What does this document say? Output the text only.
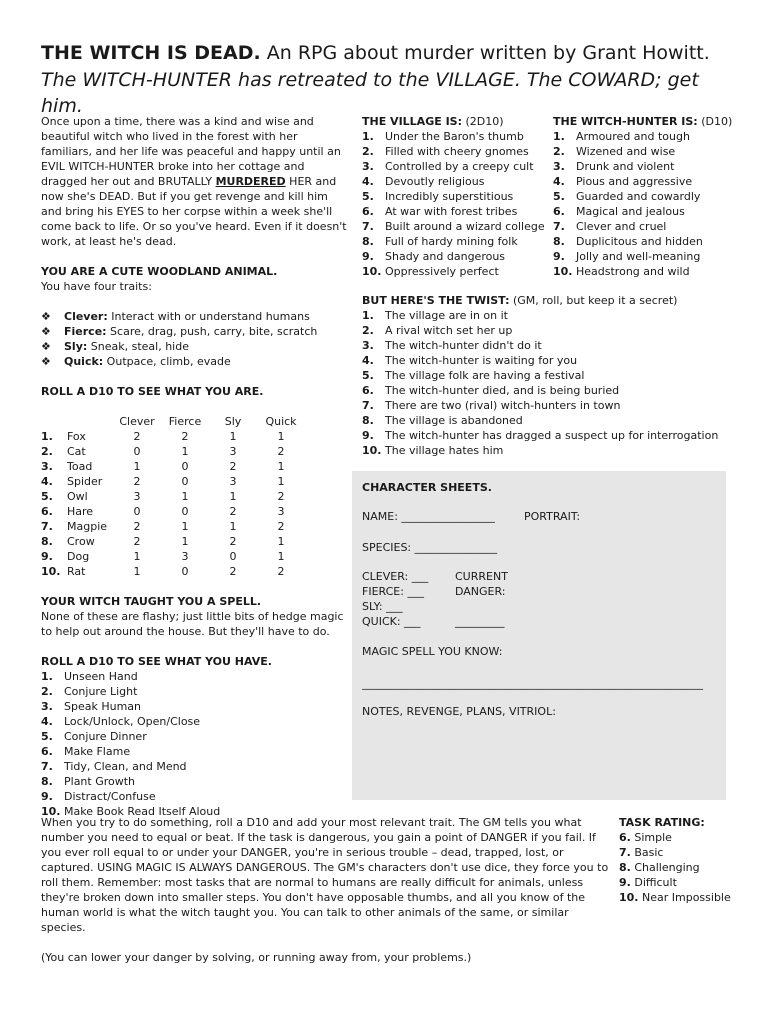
THE WITCH IS DEAD. An RPG about murder written by Grant Howitt.
The WITCH-HUNTER has retreated to the VILLAGE. The COWARD; get him.

Once upon a time, there was a kind and wise and beautiful witch who lived in the forest with her familiars, and her life was peaceful and happy until an EVIL WITCH-HUNTER broke into her cottage and dragged her out and BRUTALLY MURDERED HER and now she's DEAD. But if you get revenge and kill him and bring his EYES to her corpse within a week she'll come back to life. Or so you've heard. Even if it doesn't work, at least he's dead.

YOU ARE A CUTE WOODLAND ANIMAL.
You have four traits:
❖	Clever: Interact with or understand humans
❖	Fierce: Scare, drag, push, carry, bite, scratch
❖	Sly: Sneak, steal, hide
❖	Quick: Outpace, climb, evade
ROLL A D10 TO SEE WHAT YOU ARE.
		Clever	Fierce	Sly	Quick
1.	Fox	2	2	1	1
2.	Cat	0	1	3	2
3.	Toad	1	0	2	1
4.	Spider	2	0	3	1
5.	Owl	3	1	1	2
6.	Hare	0	0	2	3
7.	Magpie	2	1	1	2
8.	Crow	2	1	2	1
9.	Dog	1	3	0	1
10.	Rat	1	0	2	2
YOUR WITCH TAUGHT YOU A SPELL.

None of these are flashy; just little bits of hedge magic to help out around the house. But they'll have to do.

ROLL A D10 TO SEE WHAT YOU HAVE.
1.	Unseen Hand
2.	Conjure Light
3.	Speak Human
4.	Lock/Unlock, Open/Close
5.	Conjure Dinner
6.	Make Flame
7.	Tidy, Clean, and Mend
8.	Plant Growth
9.	Distract/Confuse
10. Make Book Read Itself Aloud
THE VILLAGE IS: (2D10)
1.	Under the Baron's thumb
2.	Filled with cheery gnomes
3.	Controlled by a creepy cult
4.	Devoutly religious
5.	Incredibly superstitious
6.	At war with forest tribes
7.	Built around a wizard college
8.	Full of hardy mining folk
9.	Shady and dangerous
10. Oppressively perfect
THE WITCH-HUNTER IS: (D10)
1.	Armoured and tough
2.	Wizened and wise
3.	Drunk and violent
4.	Pious and aggressive
5.	Guarded and cowardly
6.	Magical and jealous
7.	Clever and cruel
8.	Duplicitous and hidden
9.	Jolly and well-meaning
10. Headstrong and wild
BUT HERE'S THE TWIST: (GM, roll, but keep it a secret)
1.	The village are in on it
2.	A rival witch set her up
3.	The witch-hunter didn't do it
4.	The witch-hunter is waiting for you
5.	The village folk are having a festival
6.	The witch-hunter died, and is being buried
7.	There are two (rival) witch-hunters in town
8.	The village is abandoned
9.	The witch-hunter has dragged a suspect up for interrogation
10. The village hates him
CHARACTER SHEETS.
NAME: _________________	PORTRAIT:
SPECIES: _______________
CLEVER: ___ CURRENT
FIERCE: ___	DANGER:
SLY: ___
QUICK: ___	_________
MAGIC SPELL YOU KNOW:
______________________________________________________________
NOTES, REVENGE, PLANS, VITRIOL:

When you try to do something, roll a D10 and add your most relevant trait. The GM tells you what number you need to equal or beat. If the task is dangerous, you gain a point of DANGER if you fail. If you ever roll equal to or under your DANGER, you're in serious trouble – dead, trapped, lost, or captured. USING MAGIC IS ALWAYS DANGEROUS. The GM's characters don't use dice, they force you to roll them. Remember: most tasks that are normal to humans are really difficult for animals, unless they're broken down into smaller steps. You don't have opposable thumbs, and all you know of the human world is what the witch taught you. You can talk to other animals of the same, or similar species.

(You can lower your danger by solving, or running away from, your problems.)

TASK RATING:
6. Simple
7. Basic
8. Challenging
9. Difficult
10. Near Impossible
